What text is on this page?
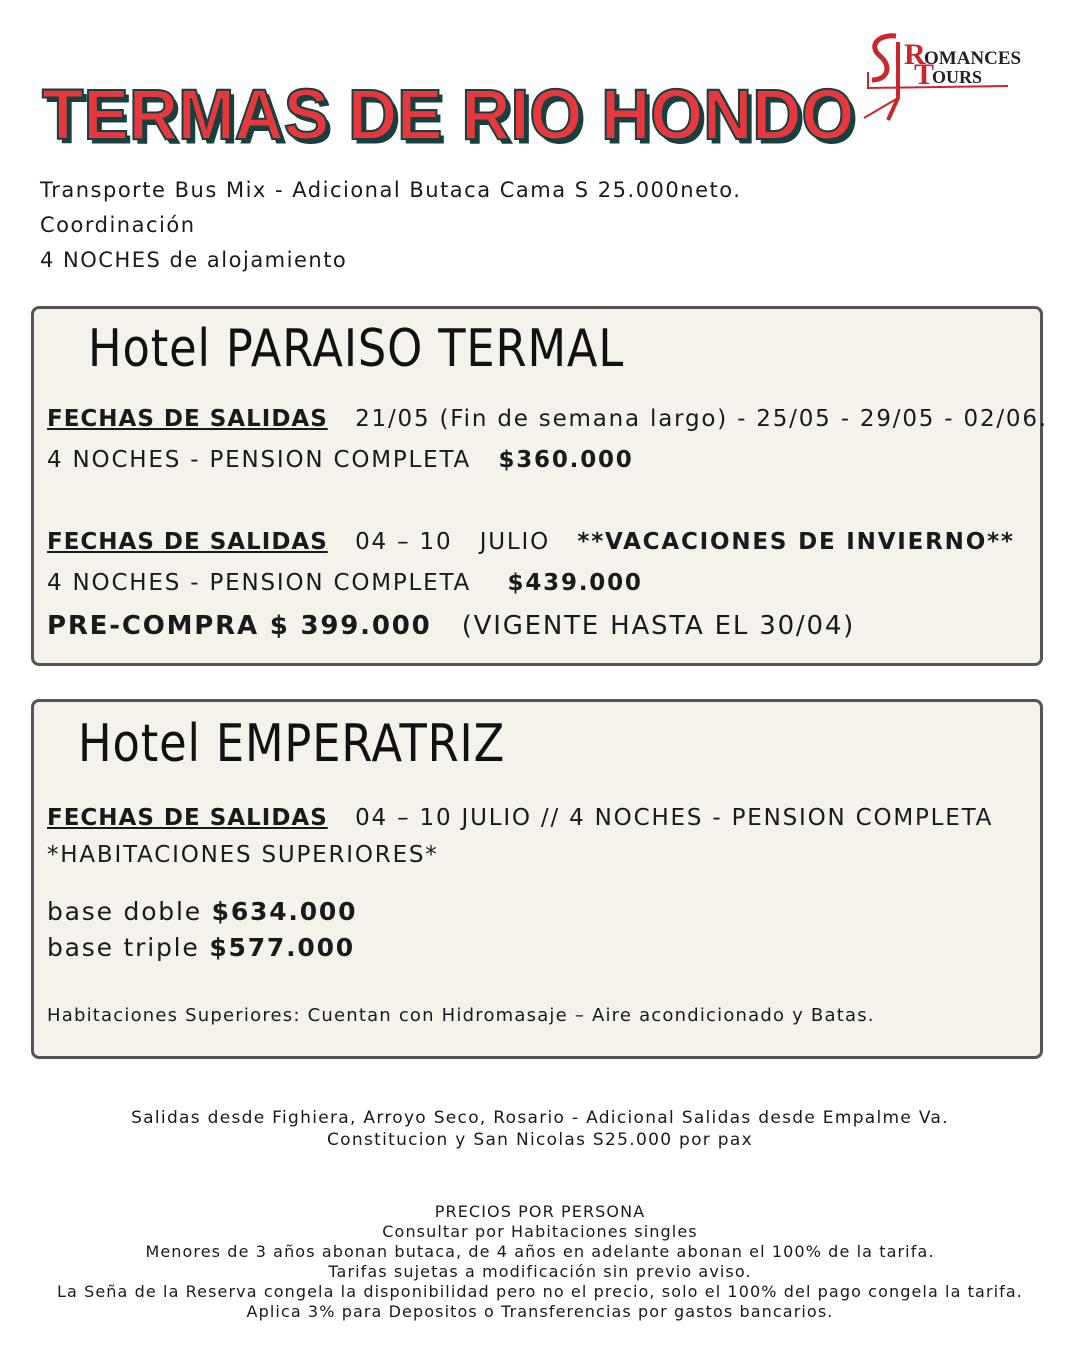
TERMAS DE RIO HONDO
R
OMANCES
T
OURS
Transporte Bus Mix - Adicional Butaca Cama S 25.000neto.
Coordinación
4 NOCHES de alojamiento
Hotel PARAISO TERMAL
FECHAS DE SALIDAS 21/05 (Fin de semana largo) - 25/05 - 29/05 - 02/06.
4 NOCHES - PENSION COMPLETA $360.000
FECHAS DE SALIDAS 04 – 10   JULIO **VACACIONES DE INVIERNO**
4 NOCHES - PENSION COMPLETA $439.000
PRE-COMPRA $ 399.000 (VIGENTE HASTA EL 30/04)
Hotel EMPERATRIZ
FECHAS DE SALIDAS 04 – 10 JULIO // 4 NOCHES - PENSION COMPLETA
*HABITACIONES SUPERIORES*
base doble $634.000
base triple $577.000
Habitaciones Superiores: Cuentan con Hidromasaje – Aire acondicionado y Batas.
Salidas desde Fighiera, Arroyo Seco, Rosario - Adicional Salidas desde Empalme Va.
Constitucion y San Nicolas S25.000 por pax
PRECIOS POR PERSONA
Consultar por Habitaciones singles
Menores de 3 años abonan butaca, de 4 años en adelante abonan el 100% de la tarifa.
Tarifas sujetas a modificación sin previo aviso.
La Seña de la Reserva congela la disponibilidad pero no el precio, solo el 100% del pago congela la tarifa.
Aplica 3% para Depositos o Transferencias por gastos bancarios.
